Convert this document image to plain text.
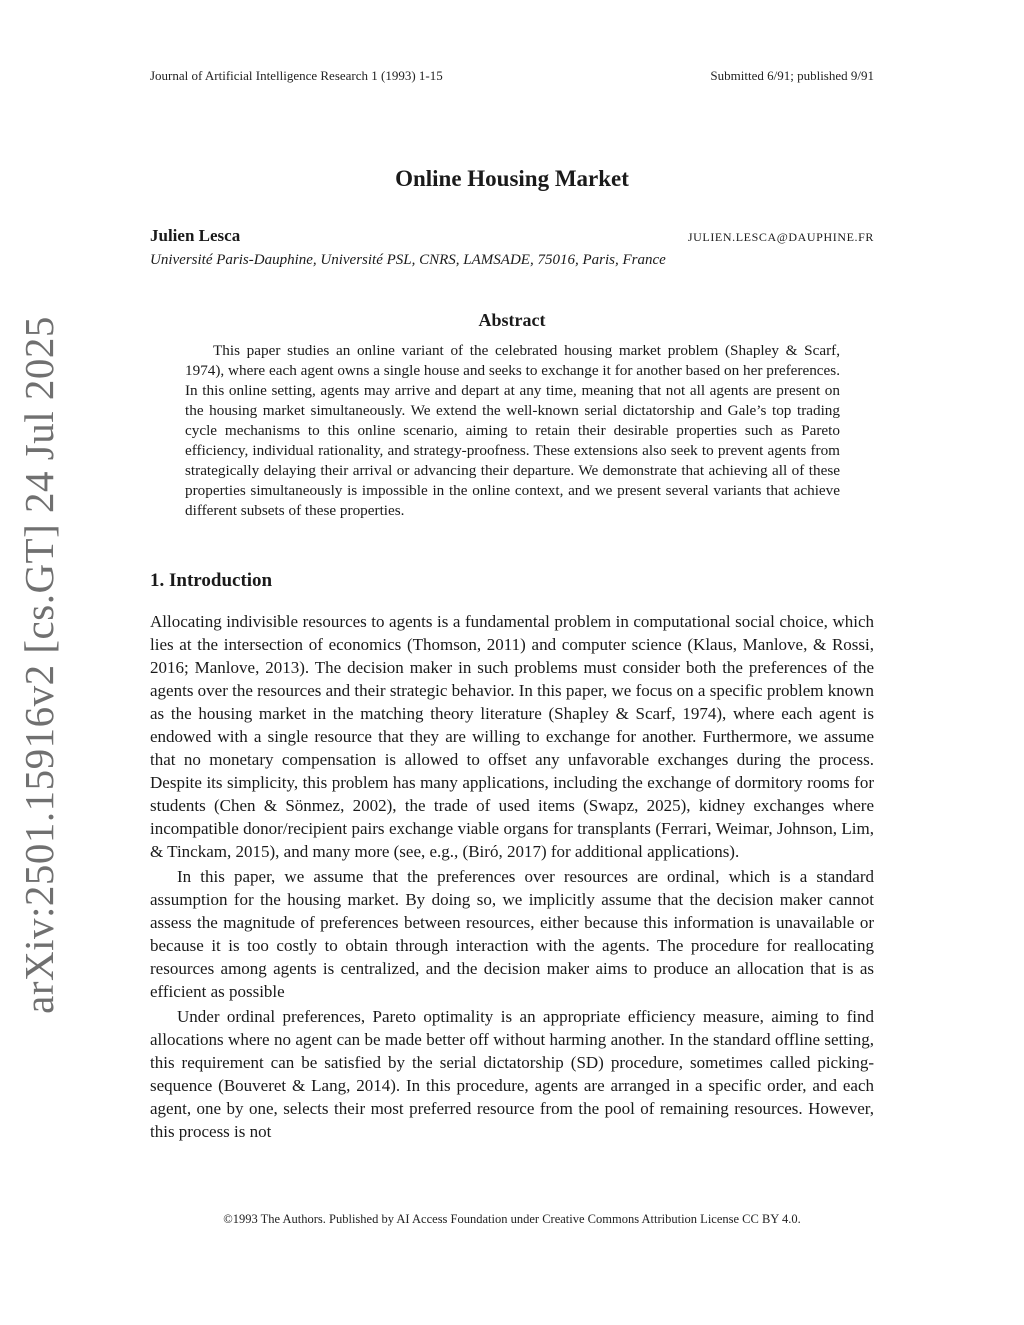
arXiv:2501.15916v2 [cs.GT] 24 Jul 2025
Journal of Artificial Intelligence Research 1 (1993) 1-15	Submitted 6/91; published 9/91
Online Housing Market
Julien Lesca	JULIEN.LESCA@DAUPHINE.FR
Université Paris-Dauphine, Université PSL, CNRS, LAMSADE, 75016, Paris, France
Abstract

This paper studies an online variant of the celebrated housing market problem (Shapley & Scarf, 1974), where each agent owns a single house and seeks to exchange it for another based on her preferences. In this online setting, agents may arrive and depart at any time, meaning that not all agents are present on the housing market simultaneously. We extend the well-known serial dictatorship and Gale’s top trading cycle mechanisms to this online scenario, aiming to retain their desirable properties such as Pareto efficiency, individual rationality, and strategy-proofness. These extensions also seek to prevent agents from strategically delaying their arrival or advancing their departure. We demonstrate that achieving all of these properties simultaneously is impossible in the online context, and we present several variants that achieve different subsets of these properties.

1. Introduction

Allocating indivisible resources to agents is a fundamental problem in computational social choice, which lies at the intersection of economics (Thomson, 2011) and computer science (Klaus, Manlove, & Rossi, 2016; Manlove, 2013). The decision maker in such problems must consider both the preferences of the agents over the resources and their strategic behavior. In this paper, we focus on a specific problem known as the housing market in the matching theory literature (Shapley & Scarf, 1974), where each agent is endowed with a single resource that they are willing to exchange for another. Furthermore, we assume that no monetary compensation is allowed to offset any unfavorable exchanges during the process. Despite its simplicity, this problem has many applications, including the exchange of dormitory rooms for students (Chen & Sönmez, 2002), the trade of used items (Swapz, 2025), kidney exchanges where incompatible donor/recipient pairs exchange viable organs for transplants (Ferrari, Weimar, Johnson, Lim, & Tinckam, 2015), and many more (see, e.g., (Biró, 2017) for additional applications).

In this paper, we assume that the preferences over resources are ordinal, which is a standard assumption for the housing market. By doing so, we implicitly assume that the decision maker cannot assess the magnitude of preferences between resources, either because this information is unavailable or because it is too costly to obtain through interaction with the agents. The procedure for reallocating resources among agents is centralized, and the decision maker aims to produce an allocation that is as efficient as possible

Under ordinal preferences, Pareto optimality is an appropriate efficiency measure, aiming to find allocations where no agent can be made better off without harming another. In the standard offline setting, this requirement can be satisfied by the serial dictatorship (SD) procedure, sometimes called picking-sequence (Bouveret & Lang, 2014). In this procedure, agents are arranged in a specific order, and each agent, one by one, selects their most preferred resource from the pool of remaining resources. However, this process is not

©1993 The Authors. Published by AI Access Foundation under Creative Commons Attribution License CC BY 4.0.
